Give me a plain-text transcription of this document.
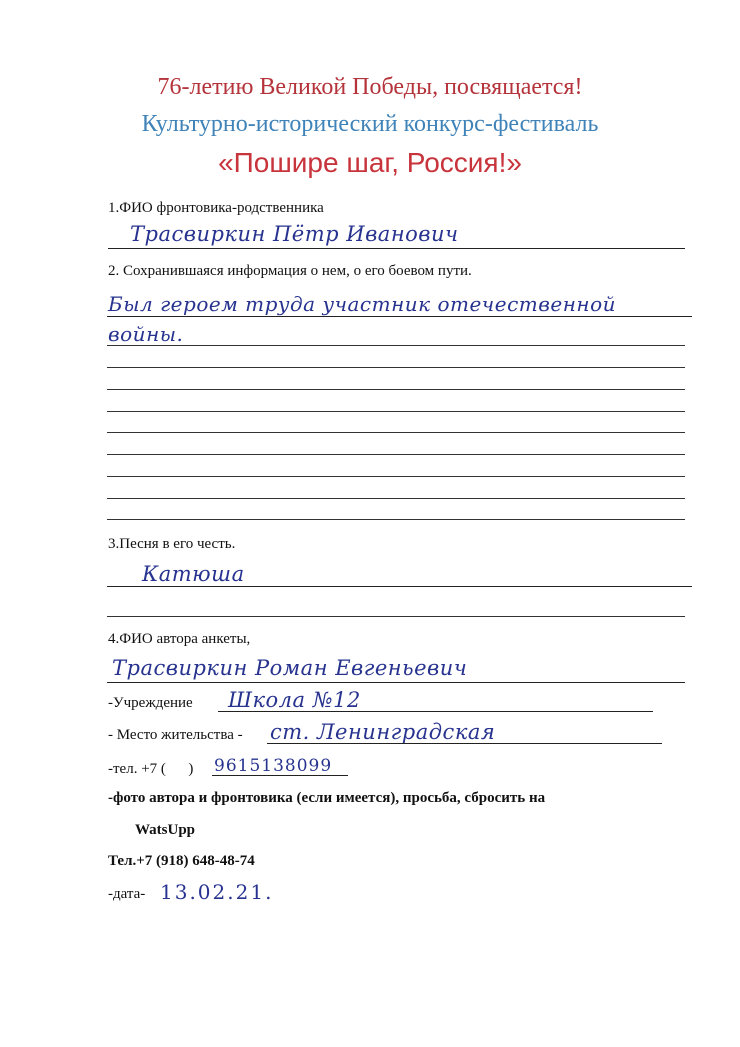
76-летию Великой Победы, посвящается!
Культурно-исторический конкурс-фестиваль
«Пошире шаг, Россия!»
1.ФИО фронтовика-родственника
Трасвиркин Пётр Иванович
2. Сохранившаяся информация о нем, о его боевом пути.
Был героем труда участник отечественной
войны.
3.Песня в его честь.
Катюша
4.ФИО автора анкеты,
Трасвиркин Роман Евгеньевич
-Учреждение Школа №12
- Место жительства - ст. Ленинградская
-тел. +7 (      ) 9615138099
-фото автора и фронтовика (если имеется), просьба, сбросить на
WatsUpp
Тел.+7 (918) 648-48-74
-дата- 13.02.21.
